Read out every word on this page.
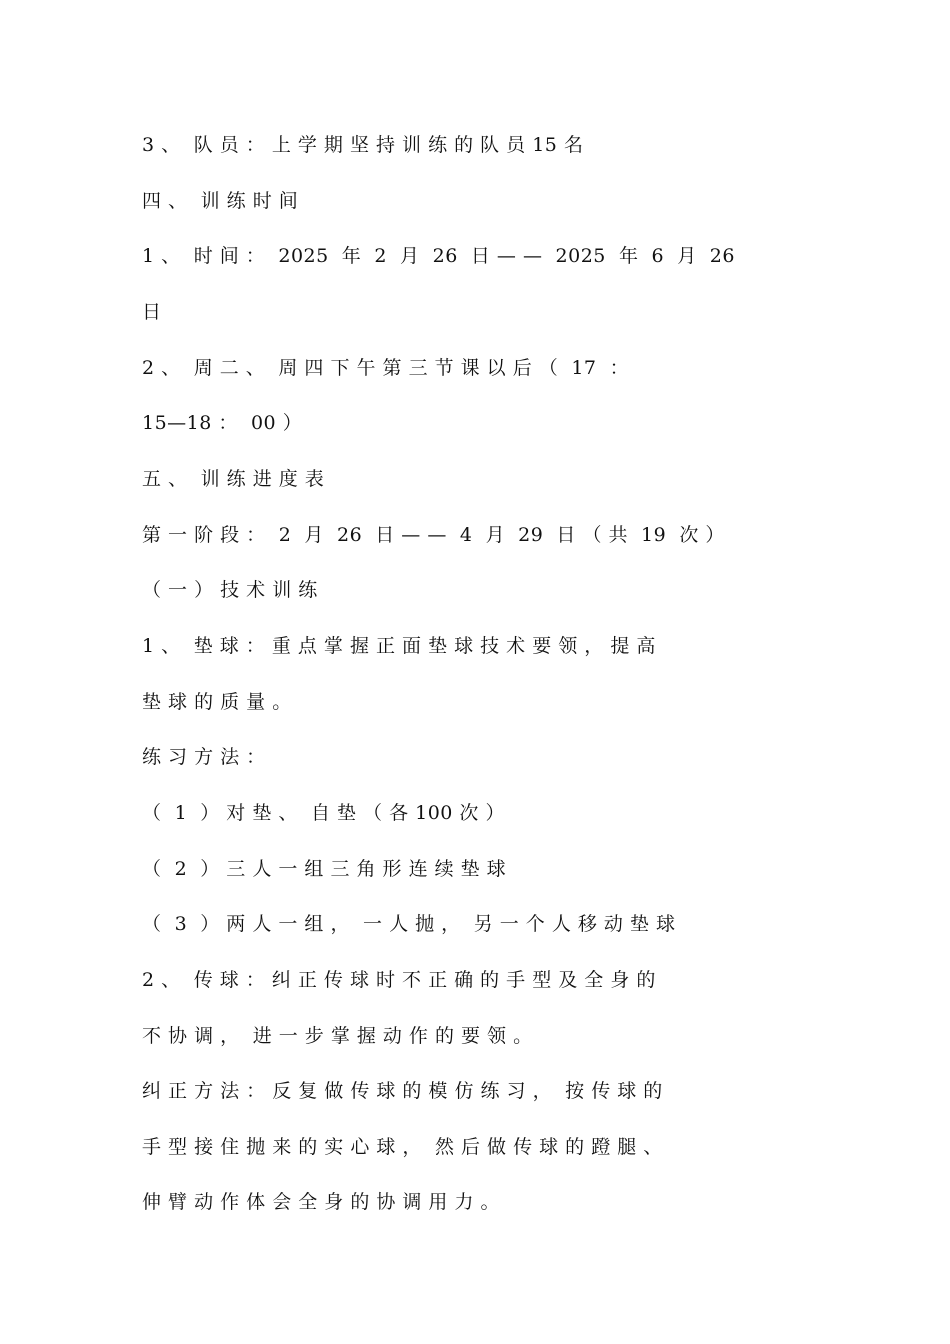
3 、  队 员 ： 上 学 期 坚 持 训 练 的 队 员 15 名
四 、  训 练 时 间
1 、  时 间 ：  2025  年  2  月  26  日 — —  2025  年  6  月  26
日
2 、  周 二 、  周 四 下 午 第 三 节 课 以 后 （  17  ：
15—18 ：  00 ）
五 、  训 练 进 度 表
第 一 阶 段 ：  2  月  26  日 — —  4  月  29  日 （ 共  19  次 ）
（ 一 ） 技 术 训 练
1 、  垫 球 ： 重 点 掌 握 正 面 垫 球 技 术 要 领 ， 提 高
垫 球 的 质 量 。
练 习 方 法 ：
（  1  ） 对 垫 、  自 垫 （ 各 100 次 ）
（  2  ） 三 人 一 组 三 角 形 连 续 垫 球
（  3  ） 两 人 一 组 ，  一 人 抛 ，  另 一 个 人 移 动 垫 球
2 、  传 球 ： 纠 正 传 球 时 不 正 确 的 手 型 及 全 身 的
不 协 调 ，  进 一 步 掌 握 动 作 的 要 领 。
纠 正 方 法 ： 反 复 做 传 球 的 模 仿 练 习 ，  按 传 球 的
手 型 接 住 抛 来 的 实 心 球 ，  然 后 做 传 球 的 蹬 腿 、
伸 臂 动 作 体 会 全 身 的 协 调 用 力 。
